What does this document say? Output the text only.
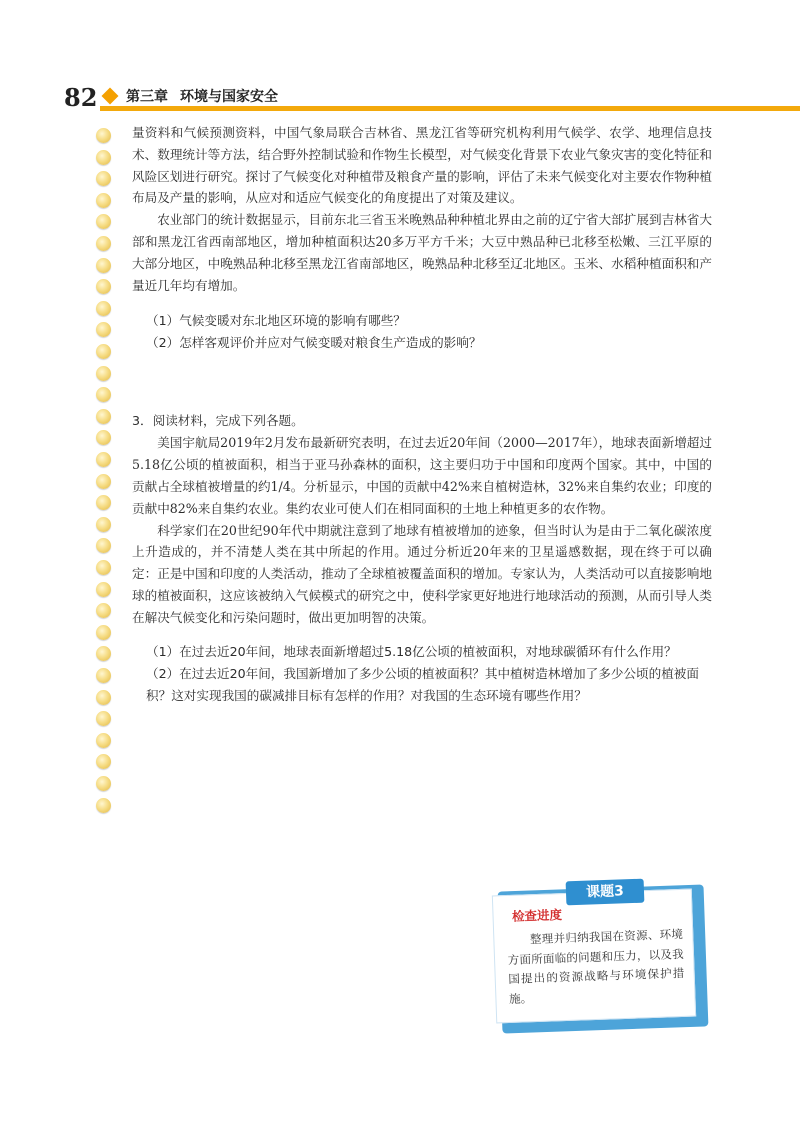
82 第三章 环境与国家安全

量资料和气候预测资料，中国气象局联合吉林省、黑龙江省等研究机构利用气候学、农学、地理信息技术、数理统计等方法，结合野外控制试验和作物生长模型，对气候变化背景下农业气象灾害的变化特征和风险区划进行研究。探讨了气候变化对种植带及粮食产量的影响，评估了未来气候变化对主要农作物种植布局及产量的影响，从应对和适应气候变化的角度提出了对策及建议。

农业部门的统计数据显示，目前东北三省玉米晚熟品种种植北界由之前的辽宁省大部扩展到吉林省大部和黑龙江省西南部地区，增加种植面积达20多万平方千米；大豆中熟品种已北移至松嫩、三江平原的大部分地区，中晚熟品种北移至黑龙江省南部地区，晚熟品种北移至辽北地区。玉米、水稻种植面积和产量近几年均有增加。

（1）气候变暖对东北地区环境的影响有哪些？

（2）怎样客观评价并应对气候变暖对粮食生产造成的影响？

3．阅读材料，完成下列各题。

美国宇航局2019年2月发布最新研究表明，在过去近20年间（2000—2017年），地球表面新增超过5.18亿公顷的植被面积，相当于亚马孙森林的面积，这主要归功于中国和印度两个国家。其中，中国的贡献占全球植被增量的约1/4。分析显示，中国的贡献中42%来自植树造林，32%来自集约农业；印度的贡献中82%来自集约农业。集约农业可使人们在相同面积的土地上种植更多的农作物。

科学家们在20世纪90年代中期就注意到了地球有植被增加的迹象，但当时认为是由于二氧化碳浓度上升造成的，并不清楚人类在其中所起的作用。通过分析近20年来的卫星遥感数据，现在终于可以确定：正是中国和印度的人类活动，推动了全球植被覆盖面积的增加。专家认为，人类活动可以直接影响地球的植被面积，这应该被纳入气候模式的研究之中，使科学家更好地进行地球活动的预测，从而引导人类在解决气候变化和污染问题时，做出更加明智的决策。

（1）在过去近20年间，地球表面新增超过5.18亿公顷的植被面积，对地球碳循环有什么作用？

（2）在过去近20年间，我国新增加了多少公顷的植被面积？其中植树造林增加了多少公顷的植被面积？这对实现我国的碳减排目标有怎样的作用？对我国的生态环境有哪些作用？

课题3
检查进度
整理并归纳我国在资源、环境方面所面临的问题和压力，以及我国提出的资源战略与环境保护措施。
